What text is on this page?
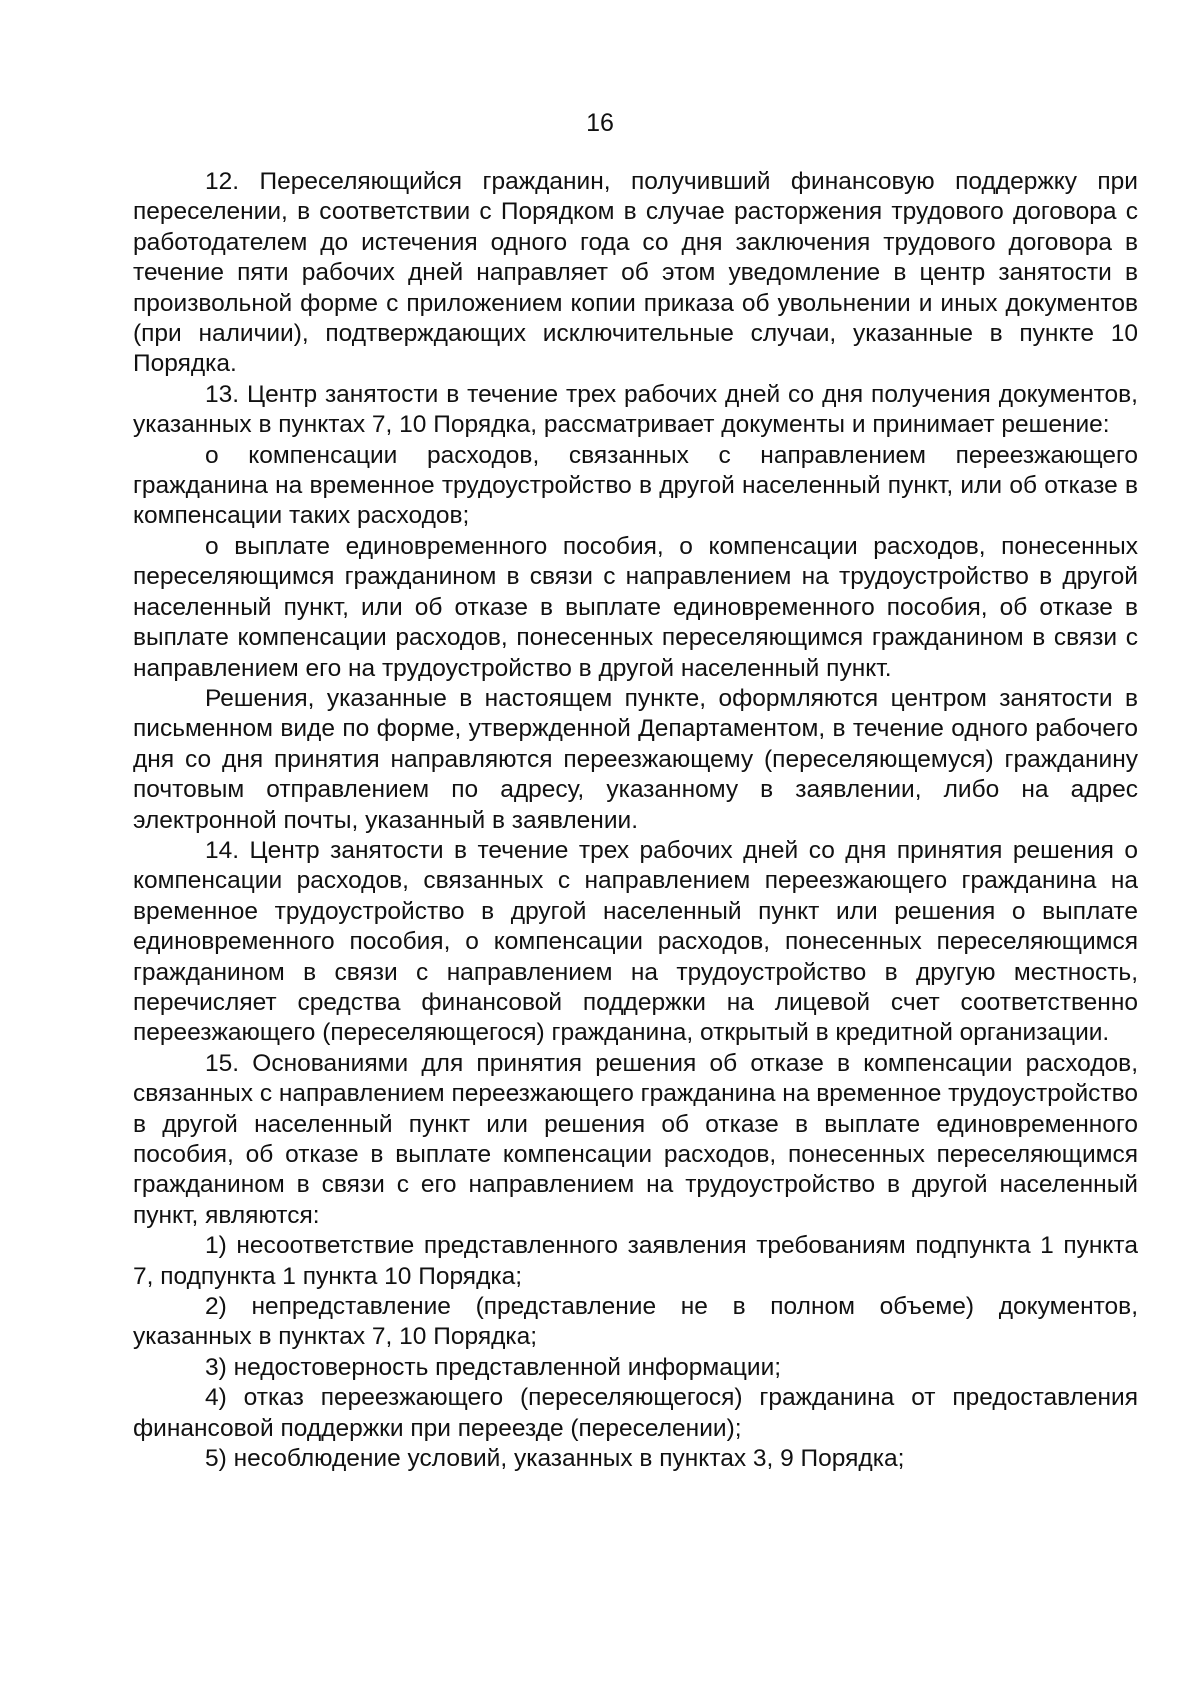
16

12. Переселяющийся гражданин, получивший финансовую поддержку при переселении, в соответствии с Порядком в случае расторжения трудового договора с работодателем до истечения одного года со дня заключения трудового договора в течение пяти рабочих дней направляет об этом уведомление в центр занятости в произвольной форме с приложением копии приказа об увольнении и иных документов (при наличии), подтверждающих исключительные случаи, указанные в пункте 10 Порядка.

13. Центр занятости в течение трех рабочих дней со дня получения документов, указанных в пунктах 7, 10 Порядка, рассматривает документы и принимает решение:

о компенсации расходов, связанных с направлением переезжающего гражданина на временное трудоустройство в другой населенный пункт, или об отказе в компенсации таких расходов;

о выплате единовременного пособия, о компенсации расходов, понесенных переселяющимся гражданином в связи с направлением на трудоустройство в другой населенный пункт, или об отказе в выплате единовременного пособия, об отказе в выплате компенсации расходов, понесенных переселяющимся гражданином в связи с направлением его на трудоустройство в другой населенный пункт.

Решения, указанные в настоящем пункте, оформляются центром занятости в письменном виде по форме, утвержденной Департаментом, в течение одного рабочего дня со дня принятия направляются переезжающему (переселяющемуся) гражданину почтовым отправлением по адресу, указанному в заявлении, либо на адрес электронной почты, указанный в заявлении.

14. Центр занятости в течение трех рабочих дней со дня принятия решения о компенсации расходов, связанных с направлением переезжающего гражданина на временное трудоустройство в другой населенный пункт или решения о выплате единовременного пособия, о компенсации расходов, понесенных переселяющимся гражданином в связи с направлением на трудоустройство в другую местность, перечисляет средства финансовой поддержки на лицевой счет соответственно переезжающего (переселяющегося) гражданина, открытый в кредитной организации.

15. Основаниями для принятия решения об отказе в компенсации расходов, связанных с направлением переезжающего гражданина на временное трудоустройство в другой населенный пункт или решения об отказе в выплате единовременного пособия, об отказе в выплате компенсации расходов, понесенных переселяющимся гражданином в связи с его направлением на трудоустройство в другой населенный пункт, являются:

1) несоответствие представленного заявления требованиям подпункта 1 пункта 7, подпункта 1 пункта 10 Порядка;

2) непредставление (представление не в полном объеме) документов, указанных в пунктах 7, 10 Порядка;

3) недостоверность представленной информации;

4) отказ переезжающего (переселяющегося) гражданина от предоставления финансовой поддержки при переезде (переселении);

5) несоблюдение условий, указанных в пунктах 3, 9 Порядка;
